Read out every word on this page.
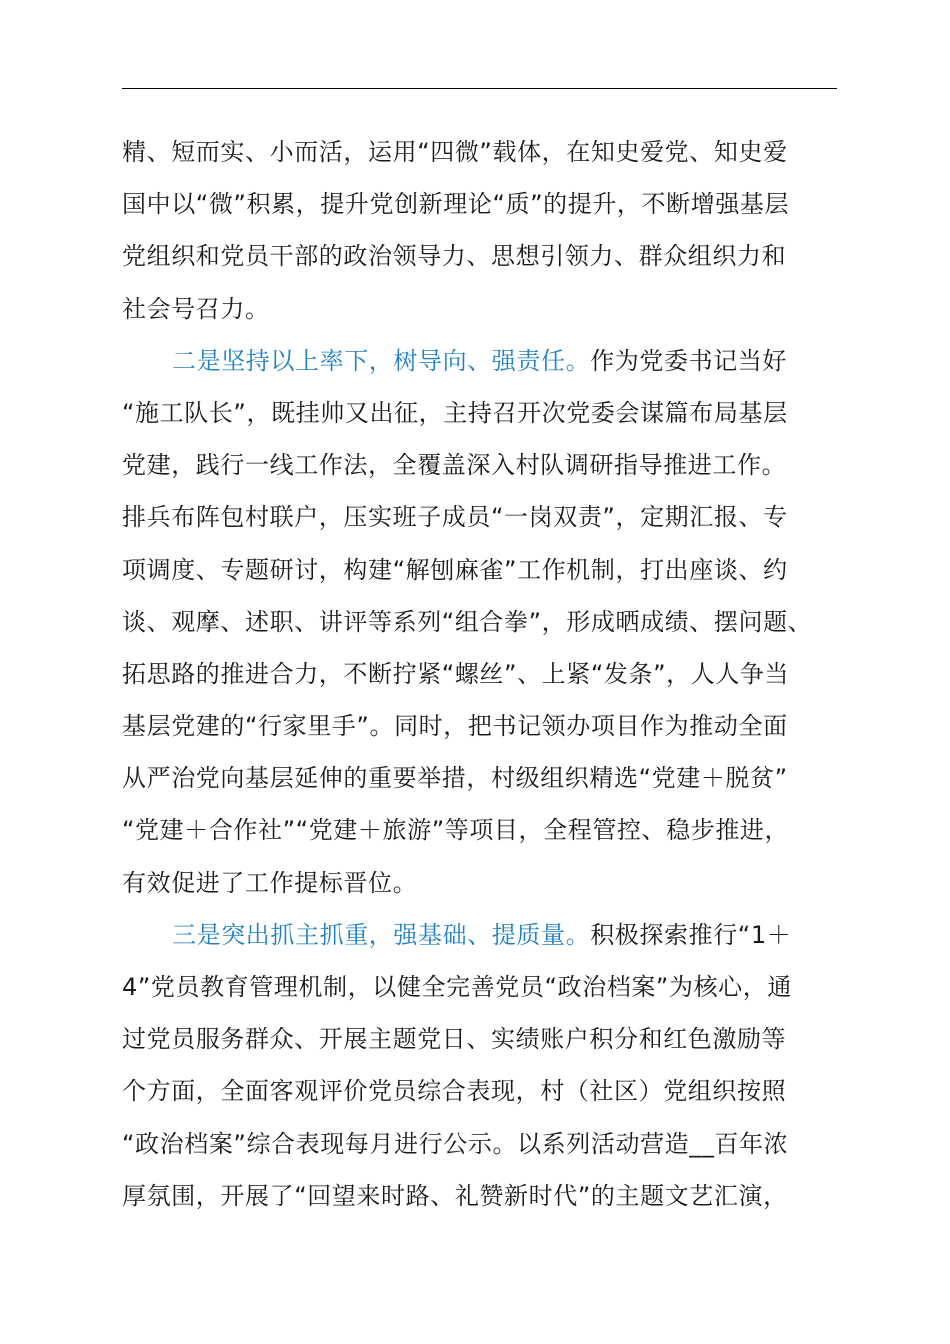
精、短而实、小而活，运用“四微”载体，在知史爱党、知史爱
国中以“微”积累，提升党创新理论“质”的提升，不断增强基层
党组织和党员干部的政治领导力、思想引领力、群众组织力和
社会号召力。
二是坚持以上率下，树导向、强责任。作为党委书记当好
“施工队长”，既挂帅又出征，主持召开次党委会谋篇布局基层
党建，践行一线工作法，全覆盖深入村队调研指导推进工作。
排兵布阵包村联户，压实班子成员“一岗双责”，定期汇报、专
项调度、专题研讨，构建“解刨麻雀”工作机制，打出座谈、约
谈、观摩、述职、讲评等系列“组合拳”，形成晒成绩、摆问题、
拓思路的推进合力，不断拧紧“螺丝”、上紧“发条”，人人争当
基层党建的“行家里手”。同时，把书记领办项目作为推动全面
从严治党向基层延伸的重要举措，村级组织精选“党建＋脱贫”
“党建＋合作社”“党建＋旅游”等项目，全程管控、稳步推进，
有效促进了工作提标晋位。
三是突出抓主抓重，强基础、提质量。积极探索推行“1＋
4”党员教育管理机制，以健全完善党员“政治档案”为核心，通
过党员服务群众、开展主题党日、实绩账户积分和红色激励等
个方面，全面客观评价党员综合表现，村（社区）党组织按照
“政治档案”综合表现每月进行公示。以系列活动营造__百年浓
厚氛围，开展了“回望来时路、礼赞新时代”的主题文艺汇演，
